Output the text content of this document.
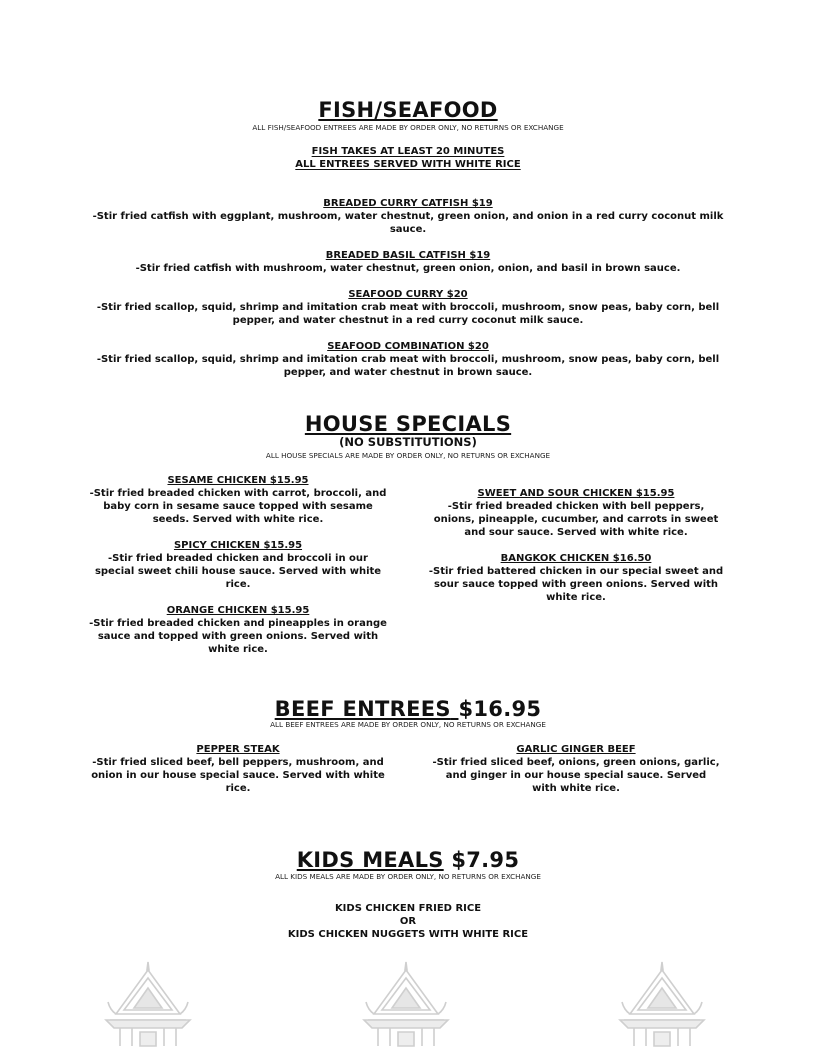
FISH/SEAFOOD
ALL FISH/SEAFOOD ENTREES ARE MADE BY ORDER ONLY, NO RETURNS OR EXCHANGE
FISH TAKES AT LEAST 20 MINUTES
ALL ENTREES SERVED WITH WHITE RICE
BREADED CURRY CATFISH $19
-Stir fried catfish with eggplant, mushroom, water chestnut, green onion, and onion in a red curry coconut milk sauce.
BREADED BASIL CATFISH $19
-Stir fried catfish with mushroom, water chestnut, green onion, onion, and basil in brown sauce.
SEAFOOD CURRY $20
-Stir fried scallop, squid, shrimp and imitation crab meat with broccoli, mushroom, snow peas, baby corn, bell pepper, and water chestnut in a red curry coconut milk sauce.
SEAFOOD COMBINATION $20
-Stir fried scallop, squid, shrimp and imitation crab meat with broccoli, mushroom, snow peas, baby corn, bell pepper, and water chestnut in brown sauce.
HOUSE SPECIALS
(NO SUBSTITUTIONS)
ALL HOUSE SPECIALS ARE MADE BY ORDER ONLY, NO RETURNS OR EXCHANGE
SESAME CHICKEN $15.95
-Stir fried breaded chicken with carrot, broccoli, and baby corn in sesame sauce topped with sesame seeds. Served with white rice.
SPICY CHICKEN $15.95
-Stir fried breaded chicken and broccoli in our special sweet chili house sauce. Served with white rice.
ORANGE CHICKEN $15.95
-Stir fried breaded chicken and pineapples in orange sauce and topped with green onions. Served with white rice.
SWEET AND SOUR CHICKEN $15.95
-Stir fried breaded chicken with bell peppers, onions, pineapple, cucumber, and carrots in sweet and sour sauce. Served with white rice.
BANGKOK CHICKEN $16.50
-Stir fried battered chicken in our special sweet and sour sauce topped with green onions. Served with white rice.
BEEF ENTREES $16.95
ALL BEEF ENTREES ARE MADE BY ORDER ONLY, NO RETURNS OR EXCHANGE
PEPPER STEAK
-Stir fried sliced beef, bell peppers, mushroom, and onion in our house special sauce. Served with white rice.
GARLIC GINGER BEEF
-Stir fried sliced beef, onions, green onions, garlic, and ginger in our house special sauce. Served with white rice.
KIDS MEALS $7.95
ALL KIDS MEALS ARE MADE BY ORDER ONLY, NO RETURNS OR EXCHANGE
KIDS CHICKEN FRIED RICE
OR
KIDS CHICKEN NUGGETS WITH WHITE RICE
